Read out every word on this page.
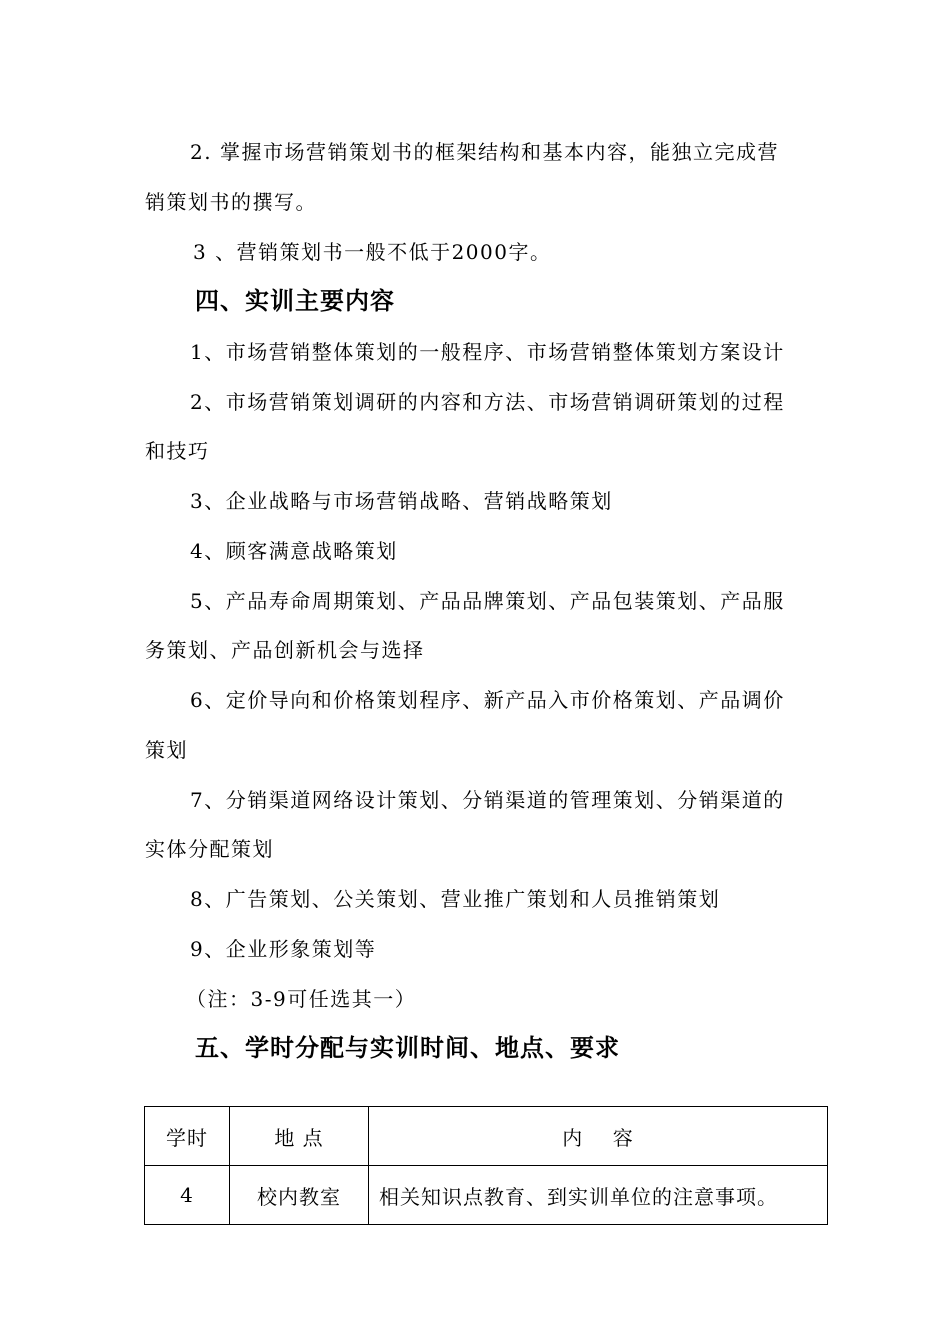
2. 掌握市场营销策划书的框架结构和基本内容，能独立完成营
销策划书的撰写。
3 、营销策划书一般不低于2000字。
四、实训主要内容
1、市场营销整体策划的一般程序、市场营销整体策划方案设计
2、市场营销策划调研的内容和方法、市场营销调研策划的过程
和技巧
3、企业战略与市场营销战略、营销战略策划
4、顾客满意战略策划
5、产品寿命周期策划、产品品牌策划、产品包装策划、产品服
务策划、产品创新机会与选择
6、定价导向和价格策划程序、新产品入市价格策划、产品调价
策划
7、分销渠道网络设计策划、分销渠道的管理策划、分销渠道的
实体分配策划
8、广告策划、公关策划、营业推广策划和人员推销策划
9、企业形象策划等
（注：3-9可任选其一）
五、学时分配与实训时间、地点、要求
学时	地 点	内    容
4	校内教室	相关知识点教育、到实训单位的注意事项。
